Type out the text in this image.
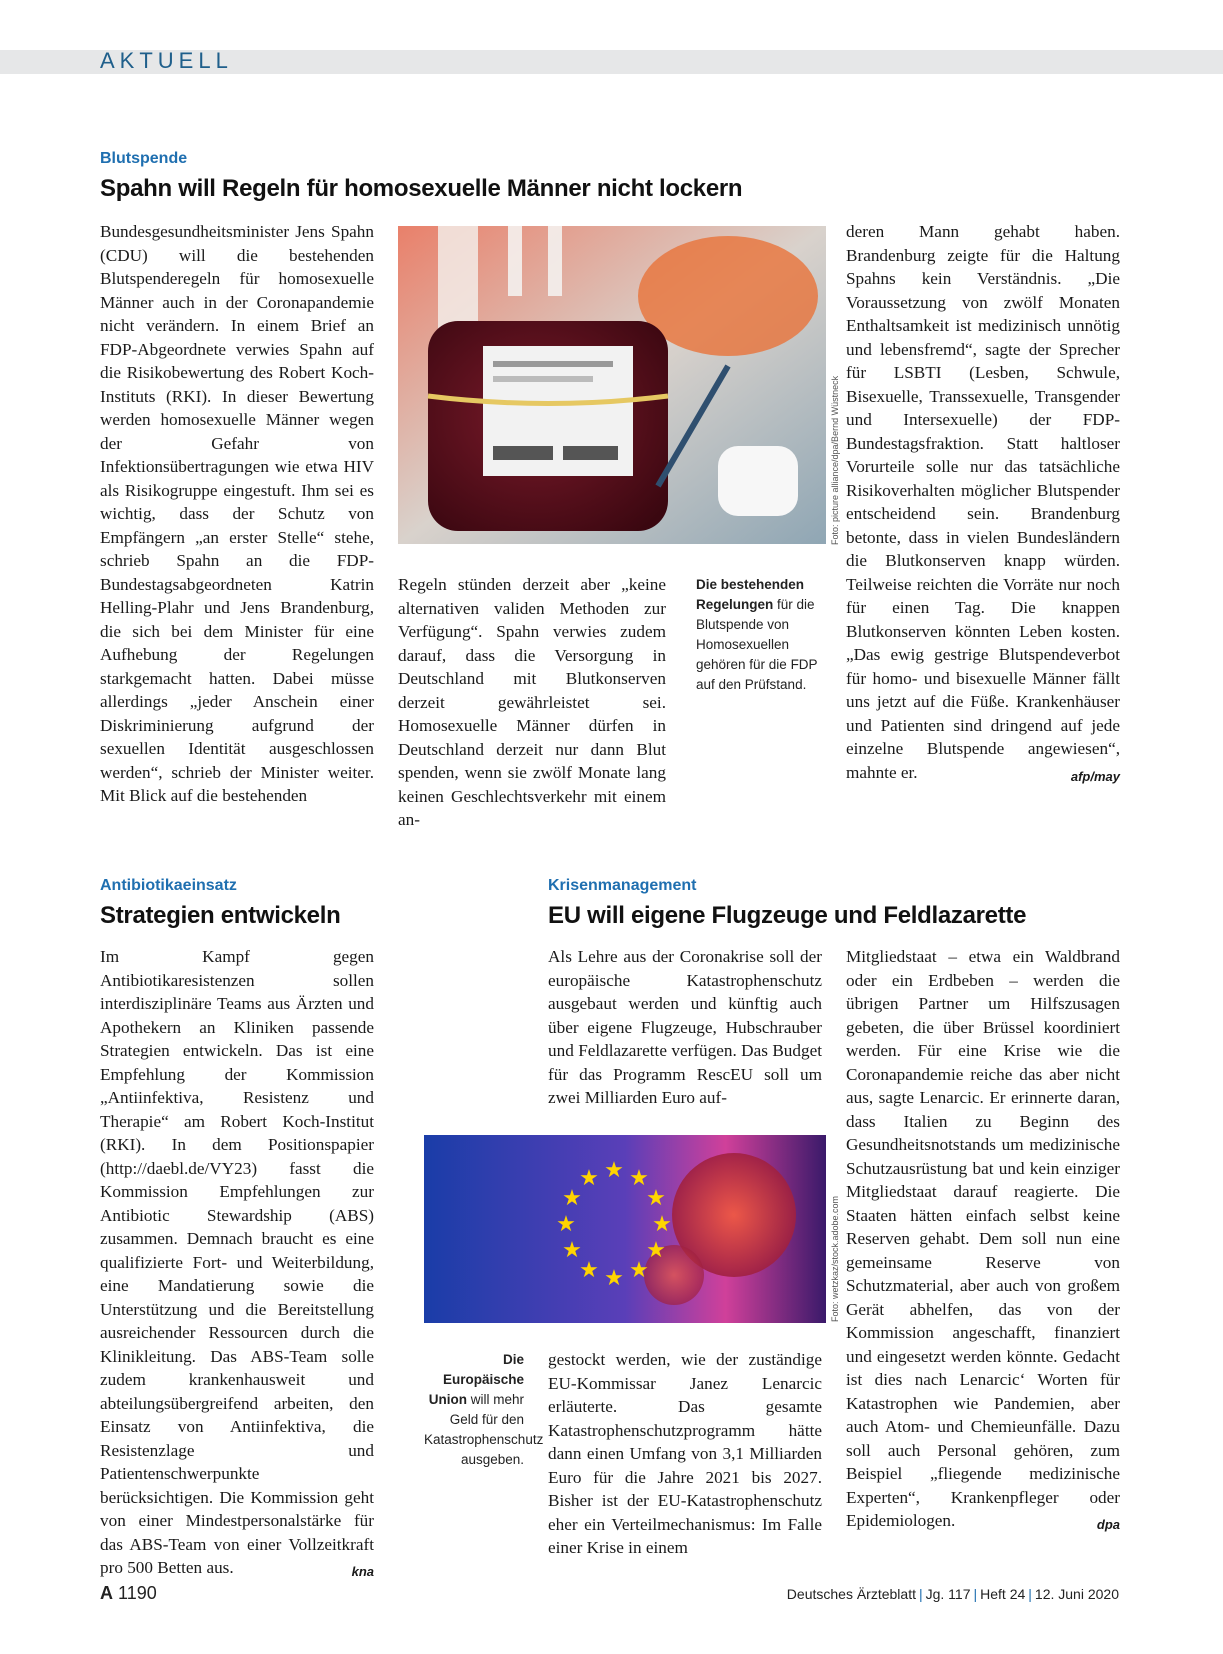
AKTUELL
Blutspende
Spahn will Regeln für homosexuelle Männer nicht lockern
Bundesgesundheitsminister Jens Spahn (CDU) will die bestehenden Blutspenderegeln für homosexuelle Männer auch in der Coronapandemie nicht verändern. In einem Brief an FDP-Abgeordnete verwies Spahn auf die Risikobewertung des Robert Koch-Instituts (RKI). In dieser Bewertung werden homosexuelle Männer wegen der Gefahr von Infektionsübertragungen wie etwa HIV als Risikogruppe eingestuft. Ihm sei es wichtig, dass der Schutz von Empfängern „an erster Stelle“ stehe, schrieb Spahn an die FDP-Bundestagsabgeordneten Katrin Helling-Plahr und Jens Brandenburg, die sich bei dem Minister für eine Aufhebung der Regelungen starkgemacht hatten. Dabei müsse allerdings „jeder Anschein einer Diskriminierung aufgrund der sexuellen Identität ausgeschlossen werden“, schrieb der Minister weiter. Mit Blick auf die bestehenden
Foto: picture alliance/dpa/Bernd Wüstneck
Regeln stünden derzeit aber „keine alternativen validen Methoden zur Verfügung“. Spahn verwies zudem darauf, dass die Versorgung in Deutschland mit Blutkonserven derzeit gewährleistet sei. Homosexuelle Männer dürfen in Deutschland derzeit nur dann Blut spenden, wenn sie zwölf Monate lang keinen Geschlechtsverkehr mit einem an-
Die bestehenden Regelungen für die Blutspende von Homosexuellen gehören für die FDP auf den Prüfstand.
deren Mann gehabt haben. Brandenburg zeigte für die Haltung Spahns kein Verständnis. „Die Voraussetzung von zwölf Monaten Enthaltsamkeit ist medizinisch unnötig und lebensfremd“, sagte der Sprecher für LSBTI (Lesben, Schwule, Bisexuelle, Transsexuelle, Transgender und Intersexuelle) der FDP-Bundestagsfraktion. Statt haltloser Vorurteile solle nur das tatsächliche Risikoverhalten möglicher Blutspender entscheidend sein. Brandenburg betonte, dass in vielen Bundesländern die Blutkonserven knapp würden. Teilweise reichten die Vorräte nur noch für einen Tag. Die knappen Blutkonserven könnten Leben kosten. „Das ewig gestrige Blutspendeverbot für homo- und bisexuelle Männer fällt uns jetzt auf die Füße. Krankenhäuser und Patienten sind dringend auf jede einzelne Blutspende angewiesen“, mahnte er.	afp/may
Antibiotikaeinsatz
Strategien entwickeln
Im Kampf gegen Antibiotikaresistenzen sollen interdisziplinäre Teams aus Ärzten und Apothekern an Kliniken passende Strategien entwickeln. Das ist eine Empfehlung der Kommission „Antiinfektiva, Resistenz und Therapie“ am Robert Koch-Institut (RKI). In dem Positionspapier (http://daebl.de/VY23) fasst die Kommission Empfehlungen zur Antibiotic Stewardship (ABS) zusammen. Demnach braucht es eine qualifizierte Fort- und Weiterbildung, eine Mandatierung sowie die Unterstützung und die Bereitstellung ausreichender Ressourcen durch die Klinikleitung. Das ABS-Team solle zudem krankenhausweit und abteilungsübergreifend arbeiten, den Einsatz von Antiinfektiva, die Resistenzlage und Patientenschwerpunkte berücksichtigen. Die Kommission geht von einer Mindestpersonalstärke für das ABS-Team von einer Vollzeitkraft pro 500 Betten aus.	kna
Krisenmanagement
EU will eigene Flugzeuge und Feldlazarette
Als Lehre aus der Coronakrise soll der europäische Katastrophenschutz ausgebaut werden und künftig auch über eigene Flugzeuge, Hubschrauber und Feldlazarette verfügen. Das Budget für das Programm RescEU soll um zwei Milliarden Euro auf-
★ ★
★
★
★
★
★
★
★
★
★
★
Foto: wetzkaz/stock.adobe.com
Die Europäische Union will mehr Geld für den Katastrophenschutz ausgeben.
gestockt werden, wie der zuständige EU-Kommissar Janez Lenarcic erläuterte. Das gesamte Katastrophenschutzprogramm hätte dann einen Umfang von 3,1 Milliarden Euro für die Jahre 2021 bis 2027. Bisher ist der EU-Katastrophenschutz eher ein Verteilmechanismus: Im Falle einer Krise in einem
Mitgliedstaat – etwa ein Waldbrand oder ein Erdbeben – werden die übrigen Partner um Hilfszusagen gebeten, die über Brüssel koordiniert werden. Für eine Krise wie die Coronapandemie reiche das aber nicht aus, sagte Lenarcic. Er erinnerte daran, dass Italien zu Beginn des Gesundheitsnotstands um medizinische Schutzausrüstung bat und kein einziger Mitgliedstaat darauf reagierte. Die Staaten hätten einfach selbst keine Reserven gehabt. Dem soll nun eine gemeinsame Reserve von Schutzmaterial, aber auch von großem Gerät abhelfen, das von der Kommission angeschafft, finanziert und eingesetzt werden könnte. Gedacht ist dies nach Lenarcic‘ Worten für Katastrophen wie Pandemien, aber auch Atom- und Chemieunfälle. Dazu soll auch Personal gehören, zum Beispiel „fliegende medizinische Experten“, Krankenpfleger oder Epidemiologen.	dpa
A 1190	Deutsches Ärzteblatt | Jg. 117 | Heft 24 | 12. Juni 2020
